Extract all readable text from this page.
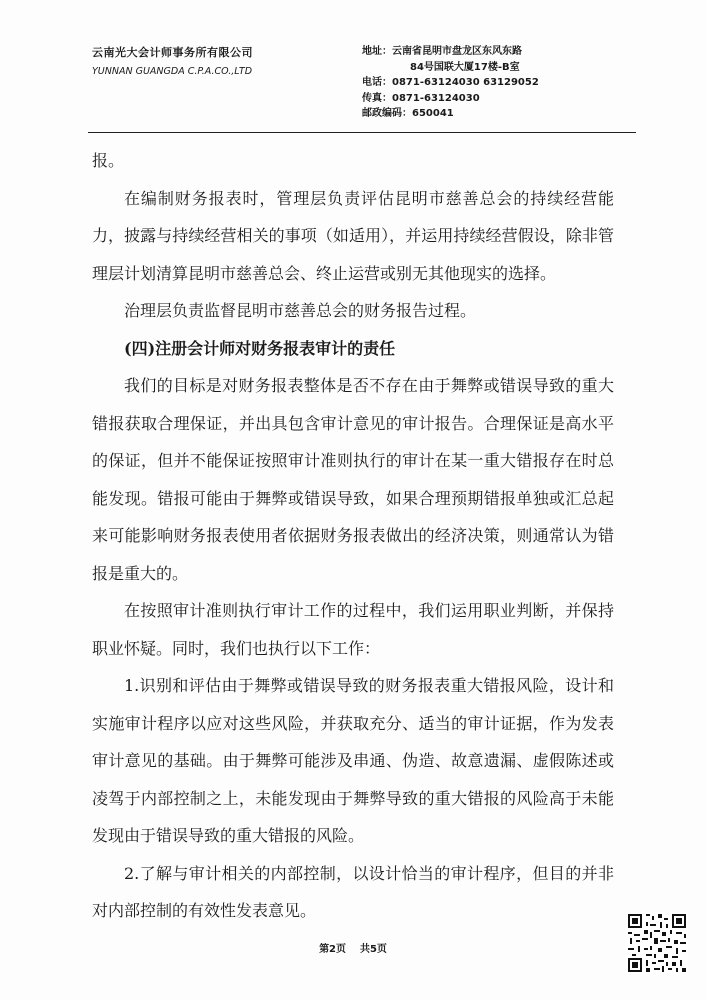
云南光大会计师事务所有限公司
YUNNAN GUANGDA C.P.A.CO.,LTD
地址：云南省昆明市盘龙区东风东路
84号国联大厦17楼-B室
电话：0871-63124030 63129052
传真：0871-63124030
邮政编码：650041

报。

在编制财务报表时，管理层负责评估昆明市慈善总会的持续经营能力，披露与持续经营相关的事项（如适用），并运用持续经营假设，除非管理层计划清算昆明市慈善总会、终止运营或别无其他现实的选择。

治理层负责监督昆明市慈善总会的财务报告过程。

(四)注册会计师对财务报表审计的责任

我们的目标是对财务报表整体是否不存在由于舞弊或错误导致的重大错报获取合理保证，并出具包含审计意见的审计报告。合理保证是高水平的保证，但并不能保证按照审计准则执行的审计在某一重大错报存在时总能发现。错报可能由于舞弊或错误导致，如果合理预期错报单独或汇总起来可能影响财务报表使用者依据财务报表做出的经济决策，则通常认为错报是重大的。

在按照审计准则执行审计工作的过程中，我们运用职业判断，并保持职业怀疑。同时，我们也执行以下工作：

1.识别和评估由于舞弊或错误导致的财务报表重大错报风险，设计和实施审计程序以应对这些风险，并获取充分、适当的审计证据，作为发表审计意见的基础。由于舞弊可能涉及串通、伪造、故意遗漏、虚假陈述或凌驾于内部控制之上，未能发现由于舞弊导致的重大错报的风险高于未能发现由于错误导致的重大错报的风险。

2.了解与审计相关的内部控制，以设计恰当的审计程序，但目的并非对内部控制的有效性发表意见。

第2页 共5页
